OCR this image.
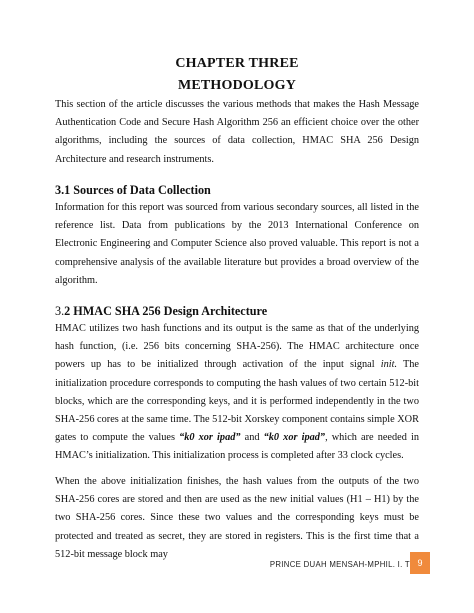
CHAPTER THREE
METHODOLOGY

This section of the article discusses the various methods that makes the Hash Message Authentication Code and Secure Hash Algorithm 256 an efficient choice over the other algorithms, including the sources of data collection, HMAC SHA 256 Design Architecture and research instruments.

3.1 Sources of Data Collection

Information for this report was sourced from various secondary sources, all listed in the reference list. Data from publications by the 2013 International Conference on Electronic Engineering and Computer Science also proved valuable. This report is not a comprehensive analysis of the available literature but provides a broad overview of the algorithm.

3.2 HMAC SHA 256 Design Architecture

HMAC utilizes two hash functions and its output is the same as that of the underlying hash function, (i.e. 256 bits concerning SHA-256). The HMAC architecture once powers up has to be initialized through activation of the input signal init. The initialization procedure corresponds to computing the hash values of two certain 512-bit blocks, which are the corresponding keys, and it is performed independently in the two SHA-256 cores at the same time. The 512-bit Xorskey component contains simple XOR gates to compute the values “k0 xor ipad” and “k0 xor ipad”, which are needed in HMAC’s initialization. This initialization process is completed after 33 clock cycles.

When the above initialization finishes, the hash values from the outputs of the two SHA-256 cores are stored and then are used as the new initial values (H1 – H1) by the two SHA-256 cores. Since these two values and the corresponding keys must be protected and treated as secret, they are stored in registers. This is the first time that a 512-bit message block may

PRINCE DUAH MENSAH-MPHIL. I. T 9
